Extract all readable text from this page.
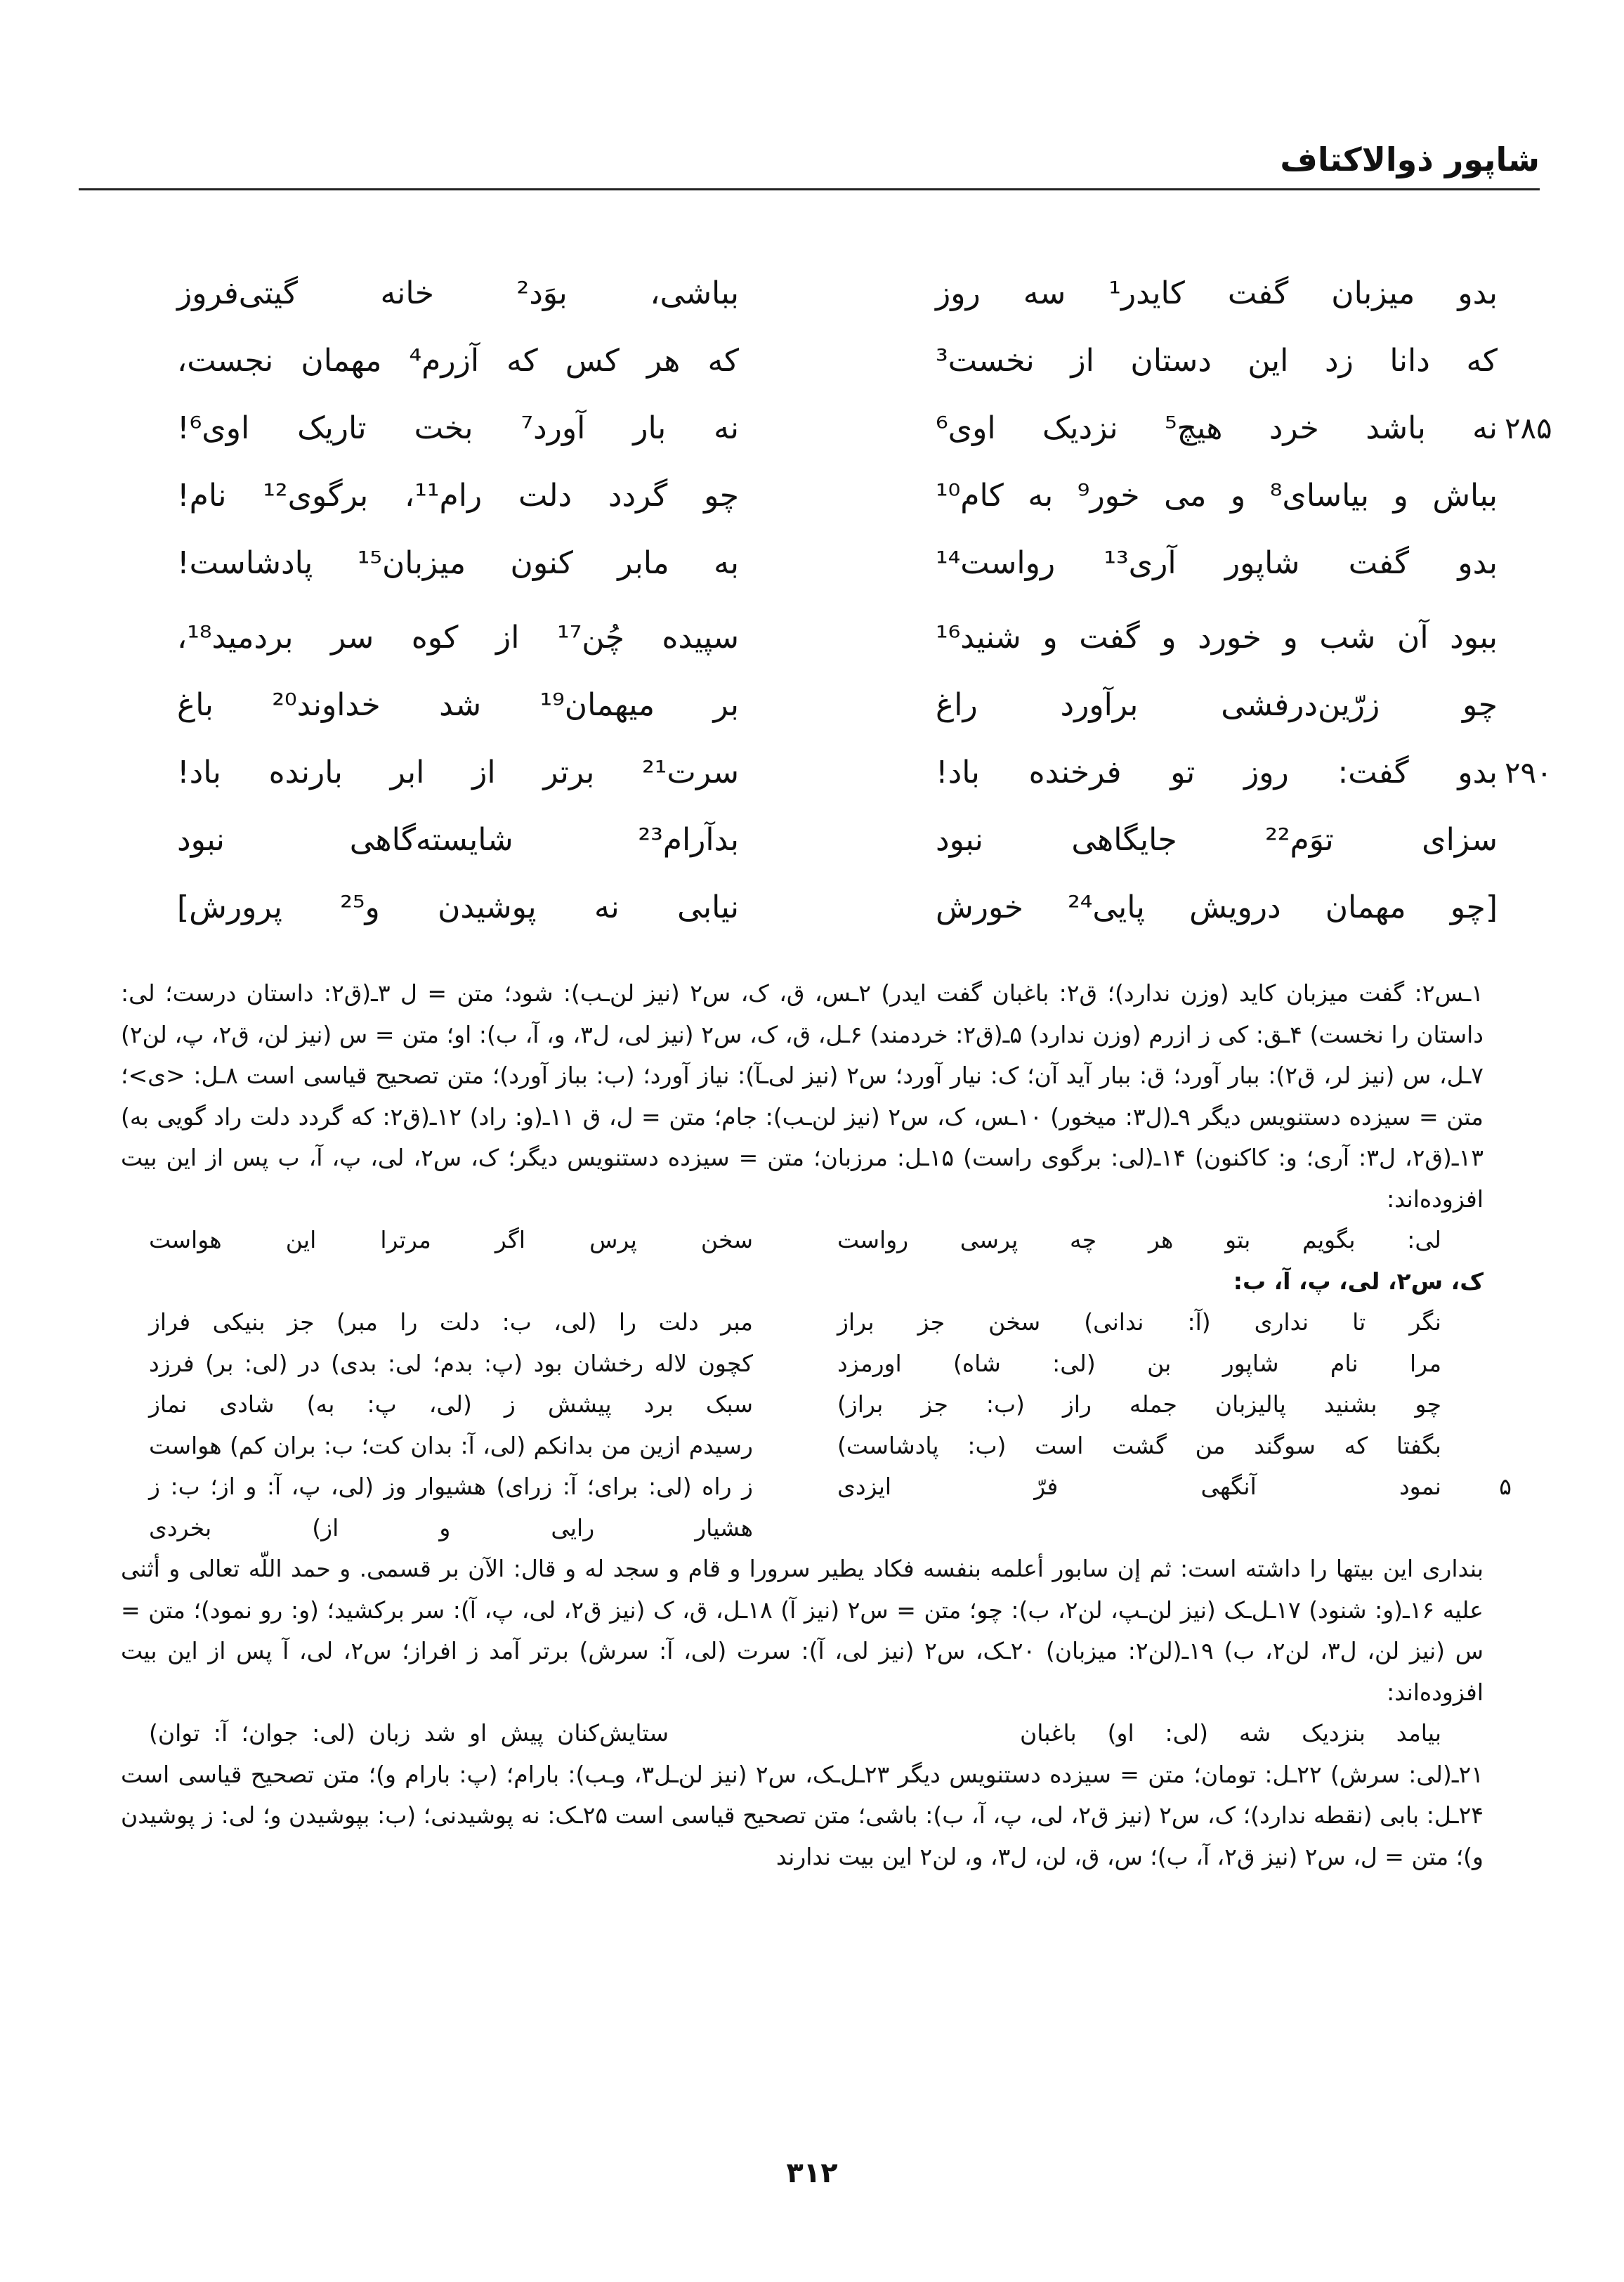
شاپور ذوالاکتاف
بدو میزبان گفت کایدر¹ سه روز
بباشی، بوَد² خانه گیتی‌فروز
که دانا زد این دستان از نخست³
که هر کس که آزرم⁴ مهمان نجست،
۲۸۵
نه باشد خرد هیچ⁵ نزدیک اوی⁶
نه بار آورد⁷ بخت تاریک اوی⁶!
بباش و بیاسای⁸ و می خور⁹ به کام¹⁰
چو گردد دلت رام¹¹، برگوی¹² نام!
بدو گفت شاپور آری¹³ رواست¹⁴
به مابر کنون میزبان¹⁵ پادشاست!
ببود آن شب و خورد و گفت و شنید¹⁶
سپیده چُن¹⁷ از کوه سر بردمید¹⁸،
چو زرّین‌درفشی برآورد راغ
بر میهمان¹⁹ شد خداوند²⁰ باغ
۲۹۰
بدو گفت: روز تو فرخنده باد!
سرت²¹ برتر از ابر بارنده باد!
سزای توَم²² جایگاهی نبود
بدآرام²³ شایسته‌گاهی نبود
[چو مهمان درویش پایی²⁴ خورش
نیابی نه پوشیدن و²⁵ پرورش]

۱ـس۲: گفت میزبان کاید (وزن ندارد)؛ ق۲: باغبان گفت ایدر) ۲ـس، ق، ک، س۲ (نیز لن‌ـب): شود؛ متن = ل ۳ـ(ق۲: داستان درست؛ لی: داستان را نخست) ۴ـق: کی ز ازرم (وزن ندارد) ۵ـ(ق۲: خردمند) ۶ـل، ق، ک، س۲ (نیز لی، ل۳، و، آ، ب): او؛ متن = س (نیز لن، ق۲، پ، لن۲) ۷ـل، س (نیز لر، ق۲): ببار آورد؛ ق: ببار آید آن؛ ک: نیار آورد؛ س۲ (نیز لی‌ـآ): نیاز آورد؛ (ب: بباز آورد)؛ متن تصحیح قیاسی است ۸ـل: <ی>؛ متن = سیزده دستنویس دیگر ۹ـ(ل۳: میخور) ۱۰ـس، ک، س۲ (نیز لن‌ـب): جام؛ متن = ل، ق ۱۱ـ(و: راد) ۱۲ـ(ق۲: که گردد دلت راد گویی به) ۱۳ـ(ق۲، ل۳: آری؛ و: کاکنون) ۱۴ـ(لی: برگوی راست) ۱۵ـل: مرزبان؛ متن = سیزده دستنویس دیگر؛ ک، س۲، لی، پ، آ، ب پس از این بیت افزوده‌اند:

لی: بگویم بتو هر چه پرسی رواست
سخن پرس اگر مرترا این هواست

ک، س۲، لی، پ، آ، ب:

نگر تا نداری (آ: ندانی) سخن جز براز
مبر دلت را (لی، ب: دلت را مبر) جز بنیکی فراز
مرا نام شاپور بن (لی: شاه) اورمزد
کچون لاله رخشان بود (پ: بدم؛ لی: بدی) در (لی: بر) فرزد
چو بشنید پالیزبان جمله راز (ب: جز براز)
سبک برد پیشش ز (لی، پ: به) شادی نماز
بگفتا که سوگند من گشت است (ب: پادشاست)
رسیدم ازین من بدانکم (لی، آ: بدان کت؛ ب: بران کم) هواست
۵
نمود آنگهی فرّ ایزدی
ز راه (لی: برای؛ آ: زرای) هشیوار وز (لی، پ، آ: و از؛ ب: ز هشیار رایی و از) بخردی

بنداری این بیتها را داشته است: ثم إن سابور أعلمه بنفسه فکاد یطیر سرورا و قام و سجد له و قال: الآن بر قسمی. و حمد اللّه تعالی و أثنی علیه ۱۶ـ(و: شنود) ۱۷ـل‌ـک (نیز لن‌ـپ، لن۲، ب): چو؛ متن = س۲ (نیز آ) ۱۸ـل، ق، ک (نیز ق۲، لی، پ، آ): سر برکشید؛ (و: رو نمود)؛ متن = س (نیز لن، ل۳، لن۲، ب) ۱۹ـ(لن۲: میزبان) ۲۰ـک، س۲ (نیز لی، آ): سرت (لی، آ: سرش) برتر آمد ز افراز؛ س۲، لی، آ پس از این بیت افزوده‌اند:

بیامد بنزدیک شه (لی: او) باغبان
ستایش‌کنان پیش او شد زبان (لی: جوان؛ آ: توان)

۲۱ـ(لی: سرش) ۲۲ـل: تومان؛ متن = سیزده دستنویس دیگر ۲۳ـل‌ـک، س۲ (نیز لن‌ـل۳، و‌ـب): بارام؛ (پ: بارام و)؛ متن تصحیح قیاسی است ۲۴ـل: بابی (نقطه ندارد)؛ ک، س۲ (نیز ق۲، لی، پ، آ، ب): باشی؛ متن تصحیح قیاسی است ۲۵ـک: نه پوشیدنی؛ (ب: بپوشیدن و؛ لی: ز پوشیدن و)؛ متن = ل، س۲ (نیز ق۲، آ، ب)؛ س، ق، لن، ل۳، و، لن۲ این بیت ندارند

۳۱۲
